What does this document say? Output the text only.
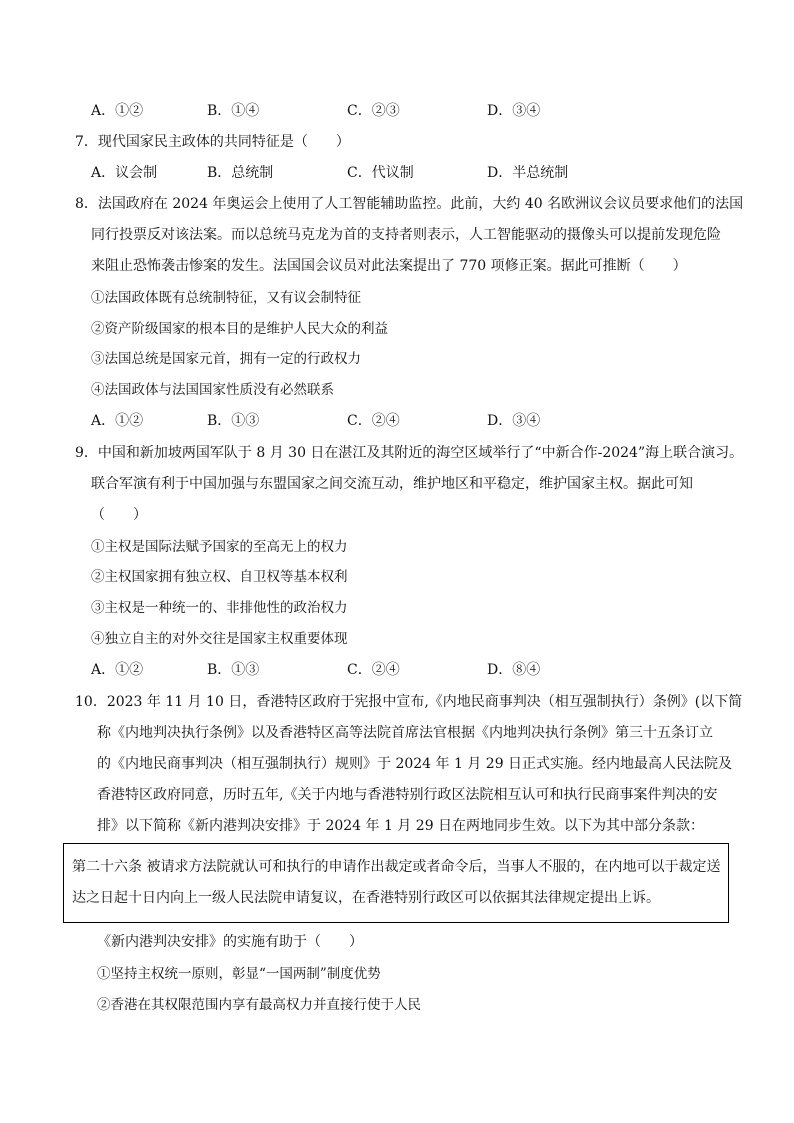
A．①②	B．①④	C．②③	D．③④
7．现代国家民主政体的共同特征是（　　）
A．议会制	B．总统制	C．代议制	D．半总统制
8．法国政府在 2024 年奥运会上使用了人工智能辅助监控。此前，大约 40 名欧洲议会议员要求他们的法国
同行投票反对该法案。而以总统马克龙为首的支持者则表示，人工智能驱动的摄像头可以提前发现危险
来阻止恐怖袭击惨案的发生。法国国会议员对此法案提出了 770 项修正案。据此可推断（　　）
①法国政体既有总统制特征，又有议会制特征
②资产阶级国家的根本目的是维护人民大众的利益
③法国总统是国家元首，拥有一定的行政权力
④法国政体与法国国家性质没有必然联系
A．①②	B．①③	C．②④	D．③④
9．中国和新加坡两国军队于 8 月 30 日在湛江及其附近的海空区域举行了“中新合作-2024”海上联合演习。
联合军演有利于中国加强与东盟国家之间交流互动，维护地区和平稳定，维护国家主权。据此可知
（　　）
①主权是国际法赋予国家的至高无上的权力
②主权国家拥有独立权、自卫权等基本权利
③主权是一种统一的、非排他性的政治权力
④独立自主的对外交往是国家主权重要体现
A．①②	B．①③	C．②④	D．⑧④
10．2023 年 11 月 10 日，香港特区政府于宪报中宣布,《内地民商事判决（相互强制执行）条例》(以下简
称《内地判决执行条例》以及香港特区高等法院首席法官根据《内地判决执行条例》第三十五条订立
的《内地民商事判决（相互强制执行）规则》于 2024 年 1 月 29 日正式实施。经内地最高人民法院及
香港特区政府同意，历时五年,《关于内地与香港特别行政区法院相互认可和执行民商事案件判决的安
排》以下简称《新内港判决安排》于 2024 年 1 月 29 日在两地同步生效。以下为其中部分条款：
第二十六条 被请求方法院就认可和执行的申请作出裁定或者命令后，当事人不服的，在内地可以于裁定送
达之日起十日内向上一级人民法院申请复议，在香港特别行政区可以依据其法律规定提出上诉。
《新内港判决安排》的实施有助于（　　）
①坚持主权统一原则，彰显“一国两制”制度优势
②香港在其权限范围内享有最高权力并直接行使于人民
